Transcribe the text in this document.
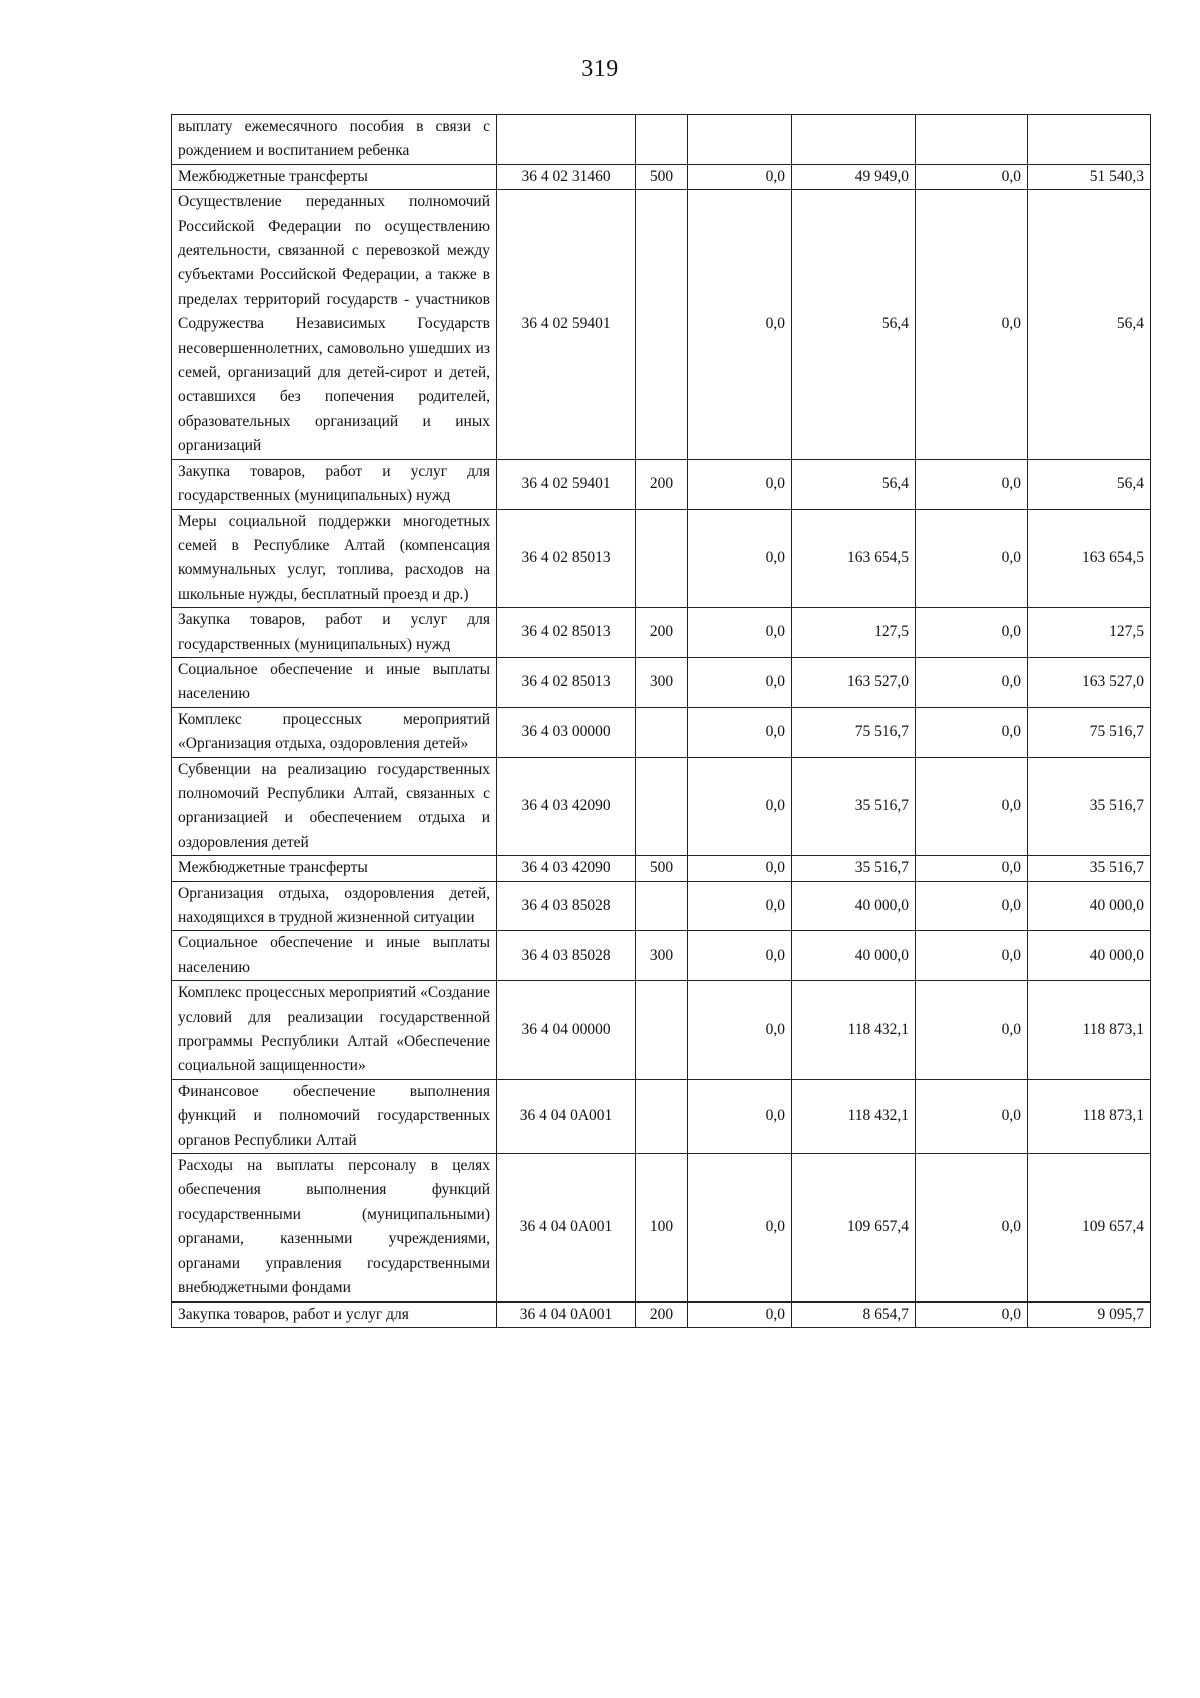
319
выплату ежемесячного пособия в связи с рождением и воспитанием ребенка						
Межбюджетные трансферты	36 4 02 31460	500	0,0	49 949,0	0,0	51 540,3
Осуществление переданных полномочий Российской Федерации по осуществлению деятельности, связанной с перевозкой между субъектами Российской Федерации, а также в пределах территорий государств - участников Содружества Независимых Государств несовершеннолетних, самовольно ушедших из семей, организаций для детей-сирот и детей, оставшихся без попечения родителей, образовательных организаций и иных организаций	36 4 02 59401		0,0	56,4	0,0	56,4
Закупка товаров, работ и услуг для государственных (муниципальных) нужд	36 4 02 59401	200	0,0	56,4	0,0	56,4
Меры социальной поддержки многодетных семей в Республике Алтай (компенсация коммунальных услуг, топлива, расходов на школьные нужды, бесплатный проезд и др.)	36 4 02 85013		0,0	163 654,5	0,0	163 654,5
Закупка товаров, работ и услуг для государственных (муниципальных) нужд	36 4 02 85013	200	0,0	127,5	0,0	127,5
Социальное обеспечение и иные выплаты населению	36 4 02 85013	300	0,0	163 527,0	0,0	163 527,0
Комплекс процессных мероприятий «Организация отдыха, оздоровления детей»	36 4 03 00000		0,0	75 516,7	0,0	75 516,7
Субвенции на реализацию государственных полномочий Республики Алтай, связанных с организацией и обеспечением отдыха и оздоровления детей	36 4 03 42090		0,0	35 516,7	0,0	35 516,7
Межбюджетные трансферты	36 4 03 42090	500	0,0	35 516,7	0,0	35 516,7
Организация отдыха, оздоровления детей, находящихся в трудной жизненной ситуации	36 4 03 85028		0,0	40 000,0	0,0	40 000,0
Социальное обеспечение и иные выплаты населению	36 4 03 85028	300	0,0	40 000,0	0,0	40 000,0
Комплекс процессных мероприятий «Создание условий для реализации государственной программы Республики Алтай «Обеспечение социальной защищенности»	36 4 04 00000		0,0	118 432,1	0,0	118 873,1
Финансовое обеспечение выполнения функций и полномочий государственных органов Республики Алтай	36 4 04 0А001		0,0	118 432,1	0,0	118 873,1
Расходы на выплаты персоналу в целях обеспечения выполнения функций государственными (муниципальными) органами, казенными учреждениями, органами управления государственными внебюджетными фондами	36 4 04 0А001	100	0,0	109 657,4	0,0	109 657,4
Закупка товаров, работ и услуг для	36 4 04 0А001	200	0,0	8 654,7	0,0	9 095,7
